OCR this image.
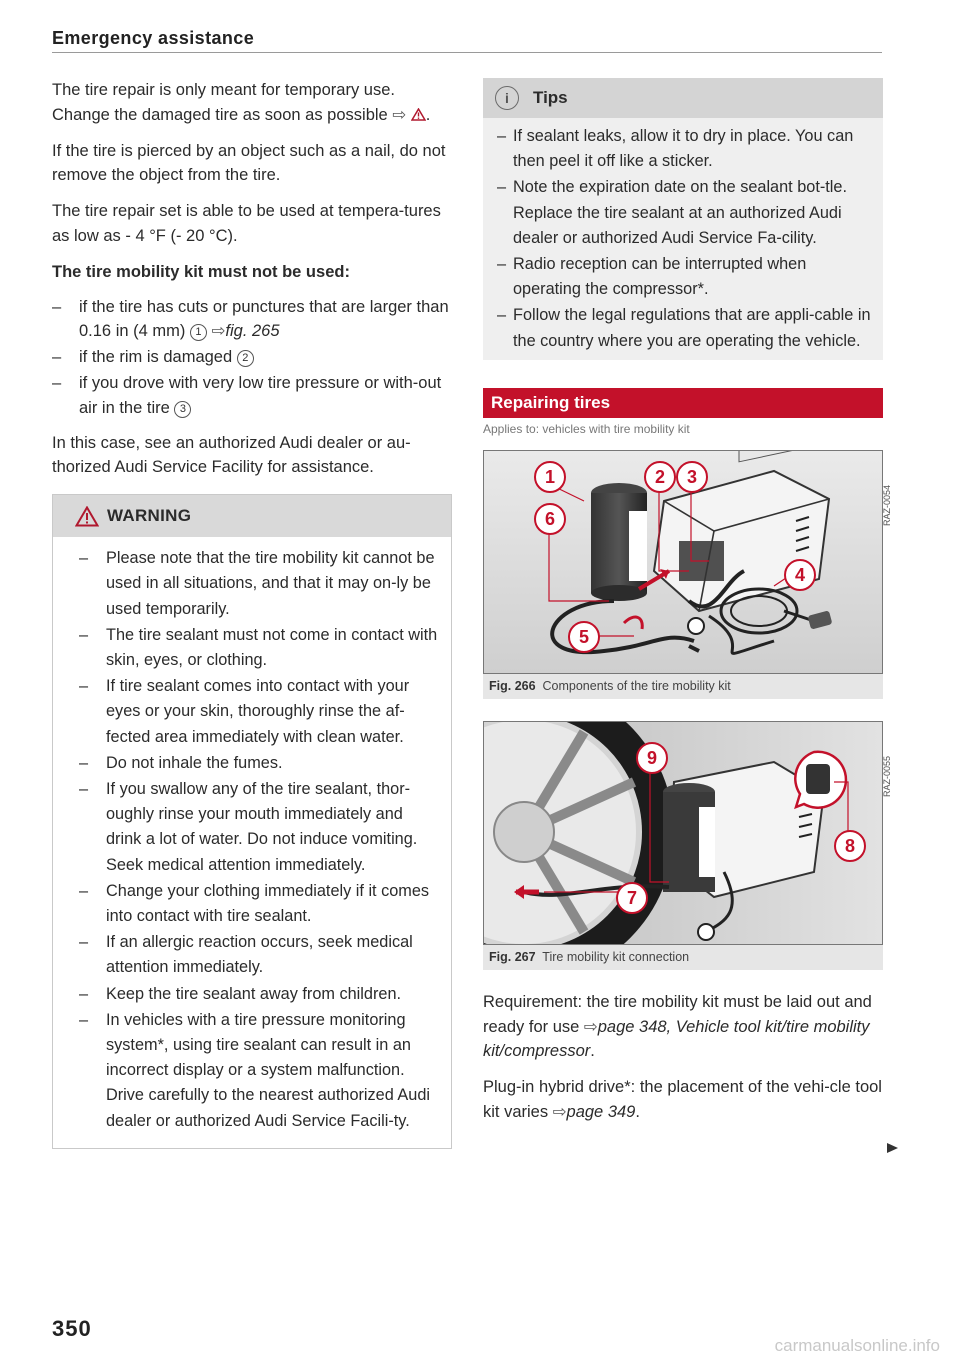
Emergency assistance

The tire repair is only meant for temporary use. Change the damaged tire as soon as possible ⇨ .

If the tire is pierced by an object such as a nail, do not remove the object from the tire.

The tire repair set is able to be used at tempera-tures as low as - 4 °F (- 20 °C).

The tire mobility kit must not be used:
– if the tire has cuts or punctures that are larger than 0.16 in (4 mm) 1 ⇨fig. 265
– if the rim is damaged 2
– if you drove with very low tire pressure or with-out air in the tire 3

In this case, see an authorized Audi dealer or au-thorized Audi Service Facility for assistance.

WARNING
– Please note that the tire mobility kit cannot be used in all situations, and that it may on-ly be used temporarily.
– The tire sealant must not come in contact with skin, eyes, or clothing.
– If tire sealant comes into contact with your eyes or your skin, thoroughly rinse the af-fected area immediately with clean water.
– Do not inhale the fumes.
– If you swallow any of the tire sealant, thor-oughly rinse your mouth immediately and drink a lot of water. Do not induce vomiting. Seek medical attention immediately.
– Change your clothing immediately if it comes into contact with tire sealant.
– If an allergic reaction occurs, seek medical attention immediately.
– Keep the tire sealant away from children.
– In vehicles with a tire pressure monitoring system*, using tire sealant can result in an incorrect display or a system malfunction. Drive carefully to the nearest authorized Audi dealer or authorized Audi Service Facili-ty.
i	Tips
– If sealant leaks, allow it to dry in place. You can then peel it off like a sticker.
– Note the expiration date on the sealant bot-tle. Replace the tire sealant at an authorized Audi dealer or authorized Audi Service Fa-cility.
– Radio reception can be interrupted when operating the compressor*.
– Follow the legal regulations that are appli-cable in the country where you are operating the vehicle.
Repairing tires
Applies to: vehicles with tire mobility kit
1
6
2	3
4
5
RAZ-0054
Fig. 266 Components of the tire mobility kit
9
8
7
RAZ-0055
Fig. 267 Tire mobility kit connection

Requirement: the tire mobility kit must be laid out and ready for use ⇨page 348, Vehicle tool kit/tire mobility kit/compressor.

Plug-in hybrid drive*: the placement of the vehi-cle tool kit varies ⇨page 349.

350
carmanualsonline.info
